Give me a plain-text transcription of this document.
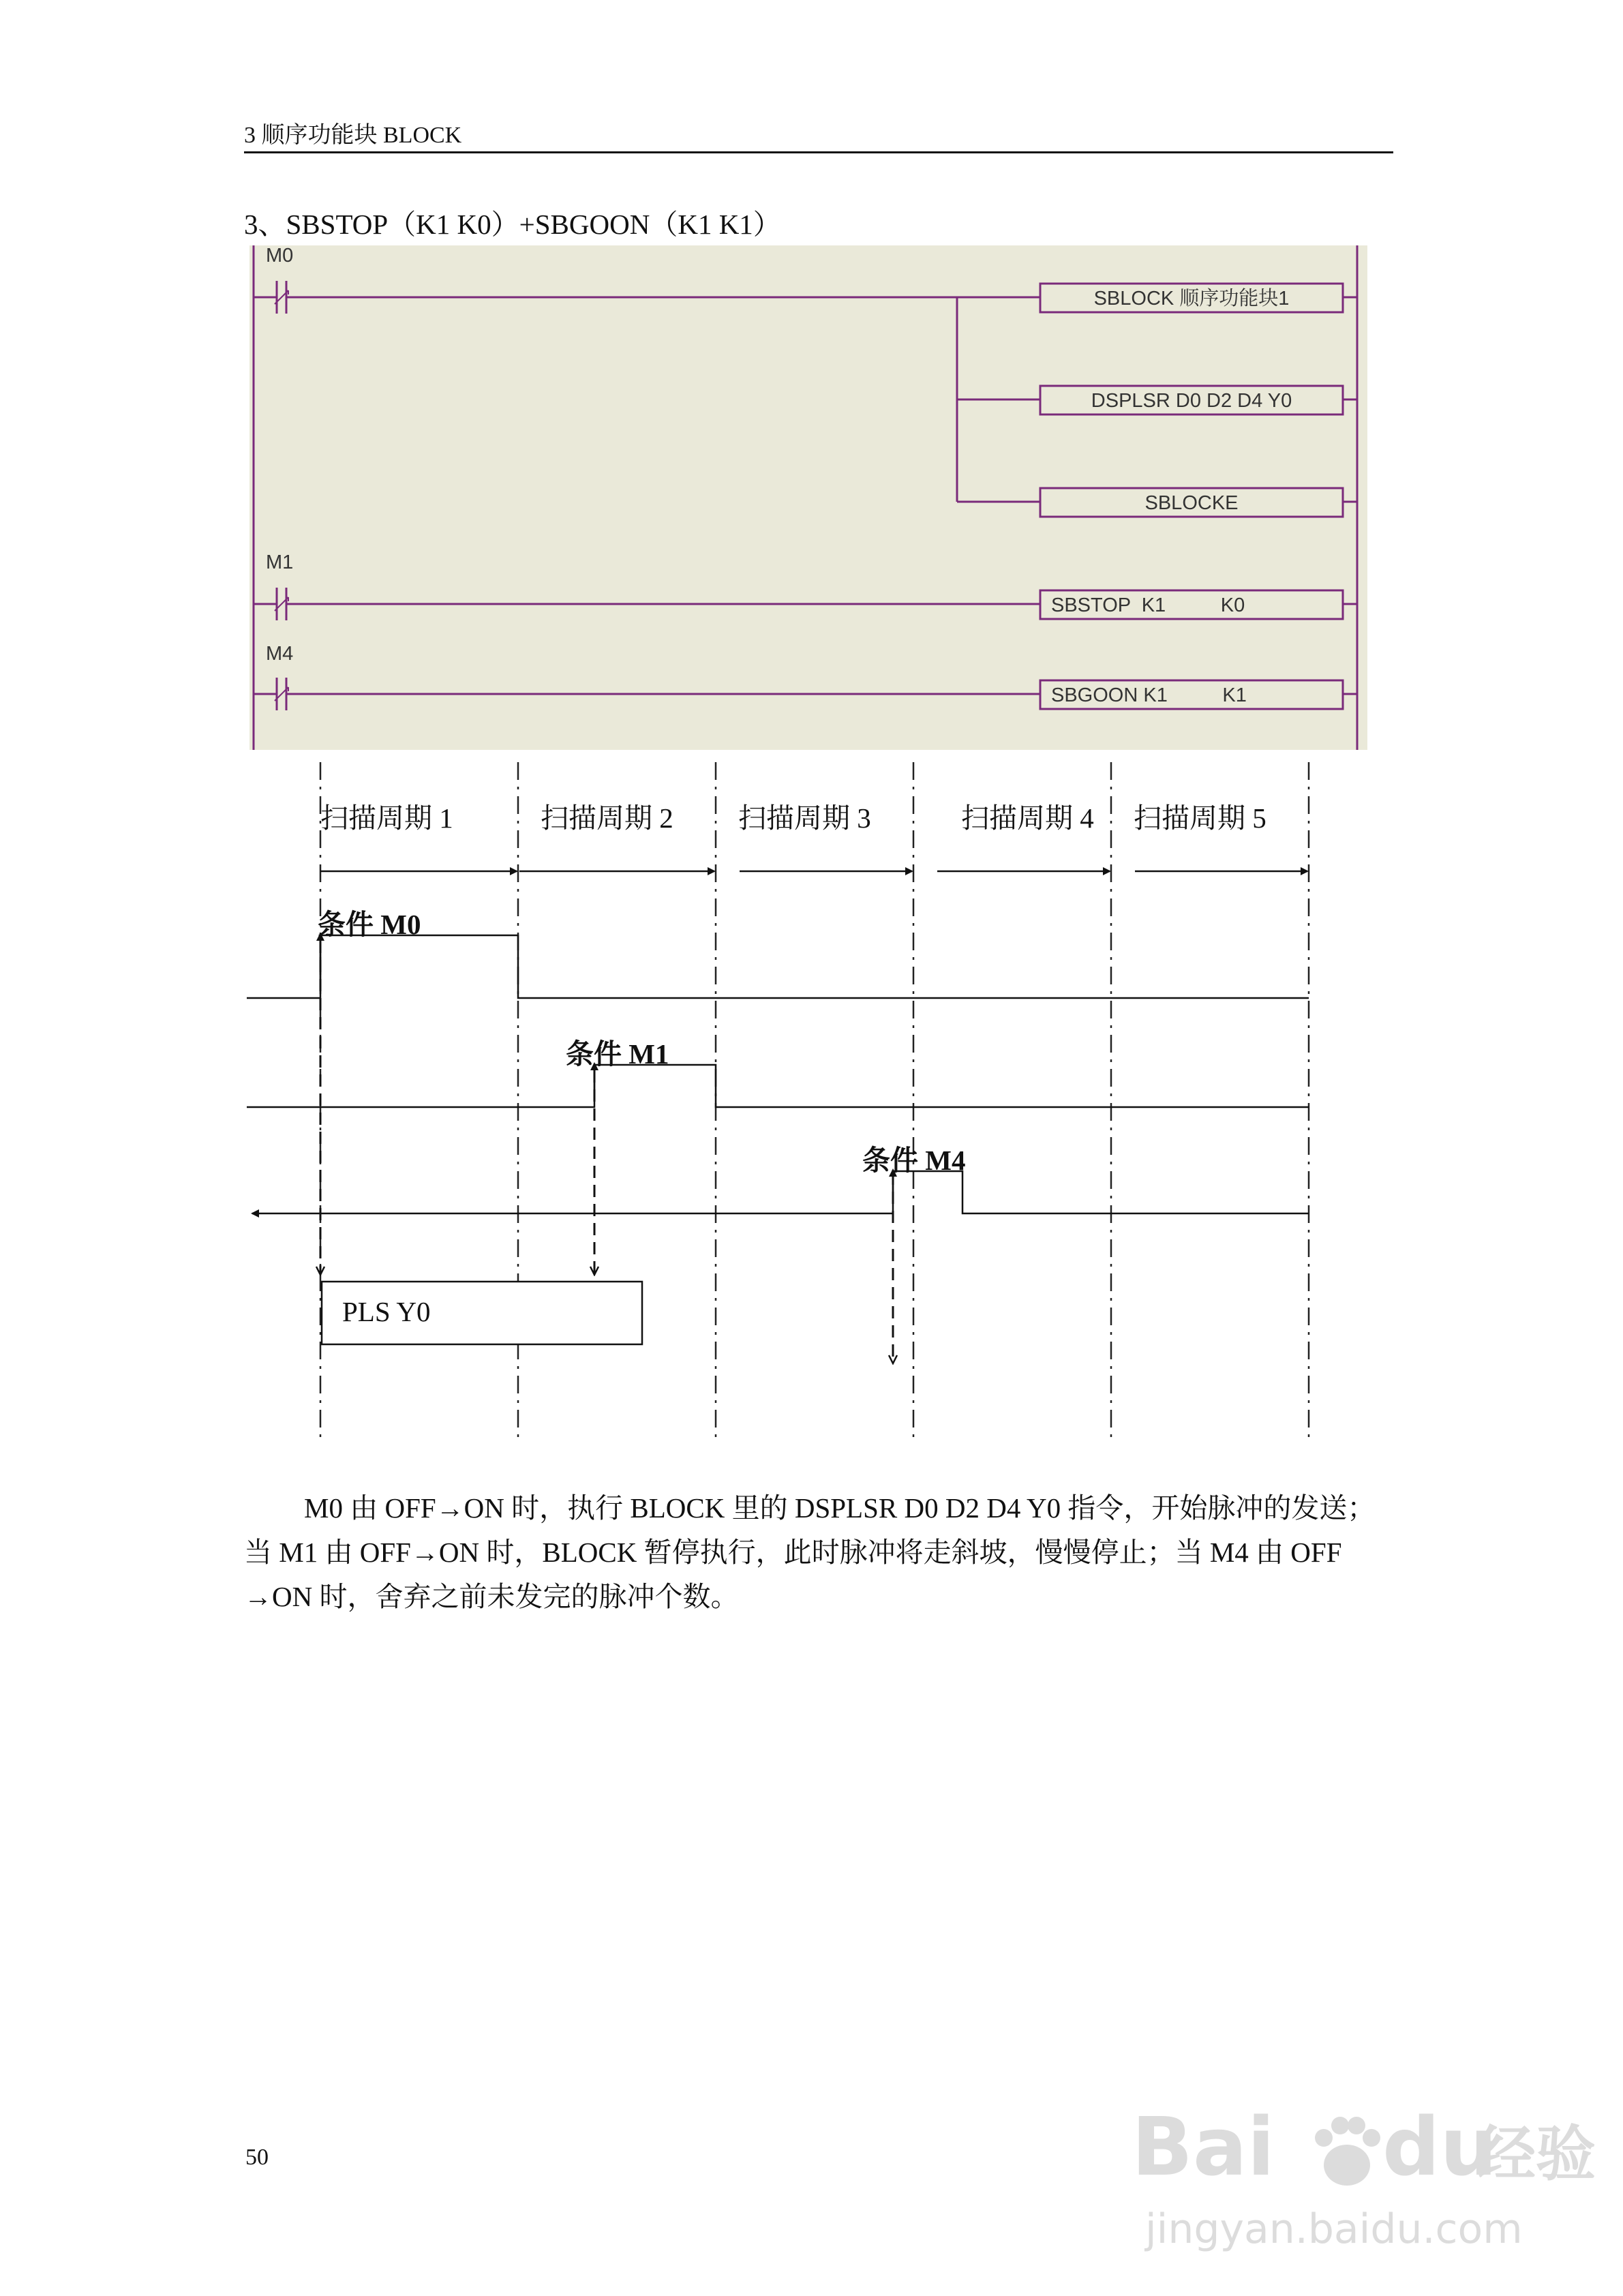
3 顺序功能块 BLOCK
3、SBSTOP（K1 K0）+SBGOON（K1 K1）
M0
SBLOCK 顺序功能块1
DSPLSR D0 D2 D4 Y0
SBLOCKE
M1
SBSTOP  K1          K0
M4
SBGOON K1          K1
扫描周期 1	扫描周期 2 扫描周期 3	扫描周期 4 扫描周期 5
条件 M0
条件 M1
条件 M4
PLS Y0
M0 由 OFF→ON 时，执行 BLOCK 里的 DSPLSR D0 D2 D4 Y0 指令，开始脉冲的发送；
当 M1 由 OFF→ON 时，BLOCK 暂停执行，此时脉冲将走斜坡，慢慢停止；当 M4 由 OFF
→ON 时，舍弃之前未发完的脉冲个数。
50	Bai du
经验
jingyan.baidu.com
